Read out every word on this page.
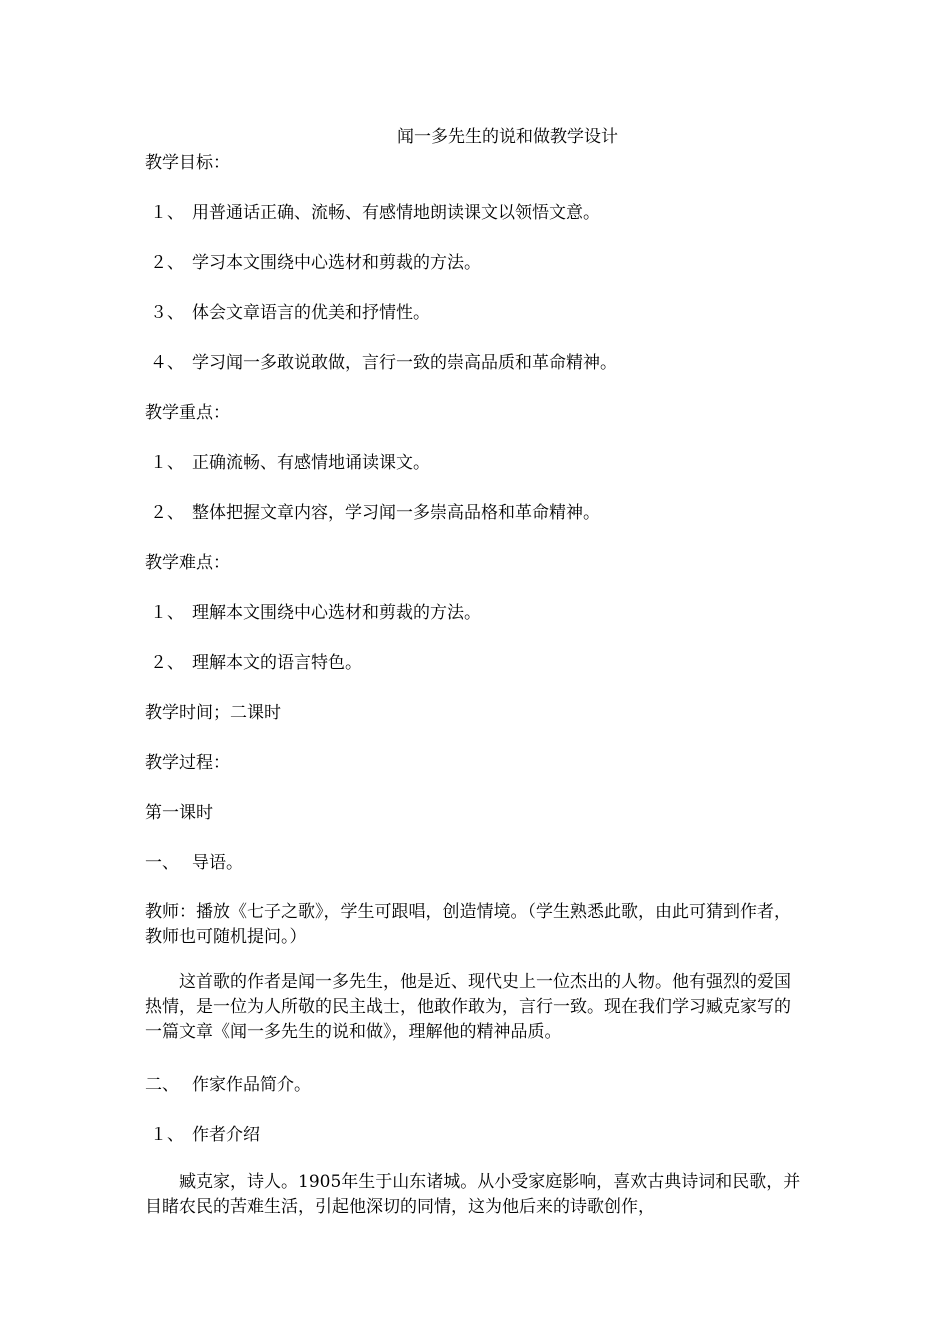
闻一多先生的说和做教学设计
教学目标：
１、 用普通话正确、流畅、有感情地朗读课文以领悟文意。
２、 学习本文围绕中心选材和剪裁的方法。
３、 体会文章语言的优美和抒情性。
４、 学习闻一多敢说敢做，言行一致的崇高品质和革命精神。
教学重点：
１、 正确流畅、有感情地诵读课文。
２、 整体把握文章内容，学习闻一多崇高品格和革命精神。
教学难点：
１、 理解本文围绕中心选材和剪裁的方法。
２、 理解本文的语言特色。
教学时间；二课时
教学过程：
第一课时
一、 导语。
教师：播放《七子之歌》，学生可跟唱，创造情境。（学生熟悉此歌，由此可猜到作者，教师也可随机提问。）
这首歌的作者是闻一多先生，他是近、现代史上一位杰出的人物。他有强烈的爱国热情，是一位为人所敬的民主战士，他敢作敢为，言行一致。现在我们学习臧克家写的一篇文章《闻一多先生的说和做》，理解他的精神品质。
二、 作家作品简介。
１、 作者介绍
臧克家，诗人。1905年生于山东诸城。从小受家庭影响，喜欢古典诗词和民歌，并目睹农民的苦难生活，引起他深切的同情，这为他后来的诗歌创作，
